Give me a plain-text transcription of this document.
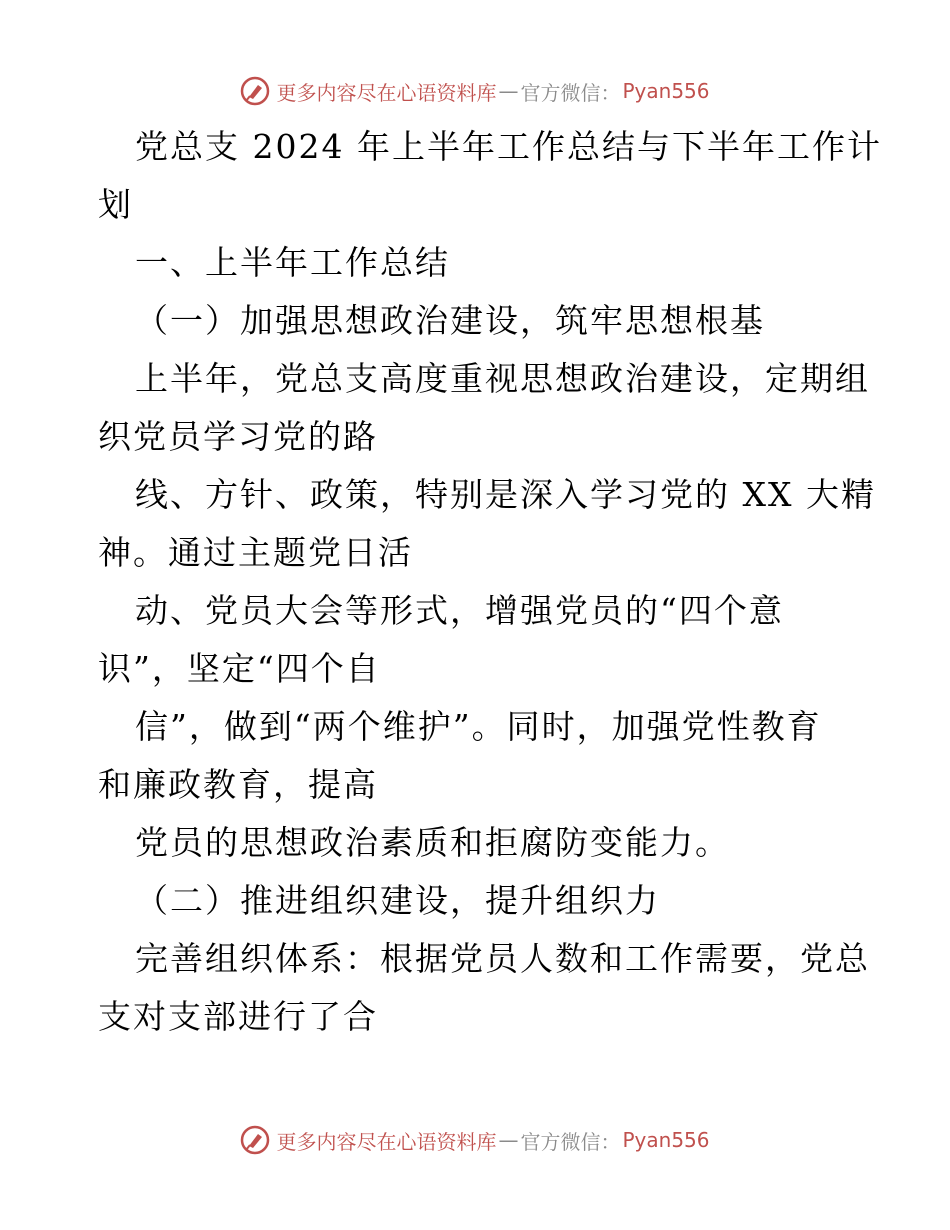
更多内容尽在心语资料库 — 官方微信： Pyan556
党总支 2024 年上半年工作总结与下半年工作计
划
一、上半年工作总结
（一）加强思想政治建设，筑牢思想根基
上半年，党总支高度重视思想政治建设，定期组
织党员学习党的路
线、方针、政策，特别是深入学习党的 XX 大精
神。通过主题党日活
动、党员大会等形式，增强党员的“四个意
识”，坚定“四个自
信”，做到“两个维护”。同时，加强党性教育
和廉政教育，提高
党员的思想政治素质和拒腐防变能力。
（二）推进组织建设，提升组织力
完善组织体系：根据党员人数和工作需要，党总
支对支部进行了合
更多内容尽在心语资料库 — 官方微信： Pyan556
